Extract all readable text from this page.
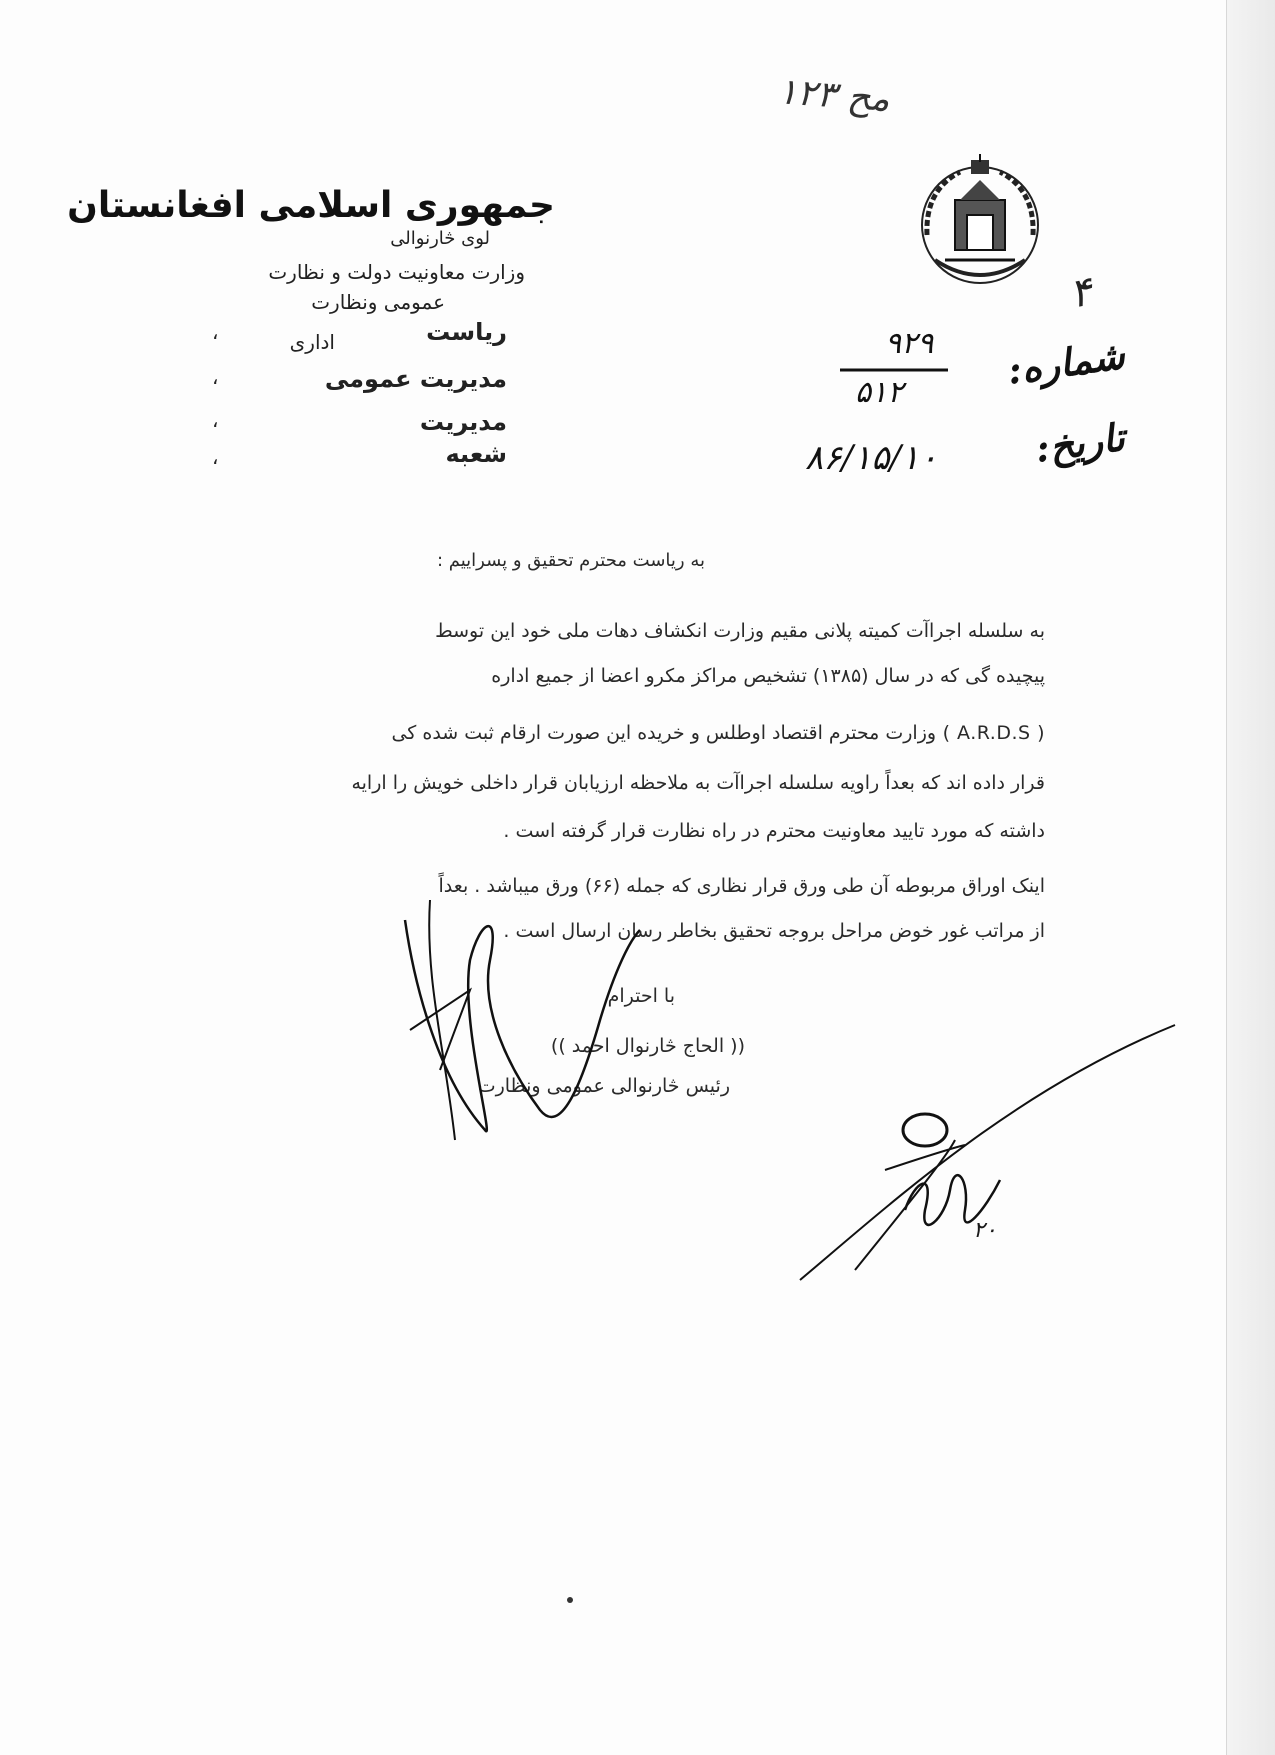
مح ۱۲۳
۴
جمهوری اسلامی افغانستان
لوی څارنوالی
وزارت معاونیت دولت و نظارت
عمومی ونظارت
ریاست
اداری
مدیریت عمومی
مدیریت
شعبه
،
،
،
،
شماره:
۹۲۹
۵۱۲
تاریخ:
۸۶/۱۵/۱۰
به ریاست محترم تحقیق و پسراییم :
به سلسله اجراآت کمیته پلانی مقیم وزارت انکشاف دهات ملی خود این توسط
پیچیده گی که در سال (۱۳۸۵) تشخیص مراکز مکرو اعضا از جمیع اداره
( A.R.D.S ) وزارت محترم اقتصاد اوطلس و خریده این صورت ارقام ثبت شده کی
قرار داده اند که بعداً راویه سلسله اجراآت به ملاحظه ارزیابان قرار داخلی خویش را ارایه
داشته که مورد تایید معاونیت محترم در راه نظارت قرار گرفته است .
اینک اوراق مربوطه آن طی ورق قرار نظاری که جمله (۶۶) ورق میباشد . بعداً
از مراتب غور خوض مراحل بروجه تحقیق بخاطر رسان ارسال است .
با احترام
(( الحاج څارنوال احمد ))
رئیس څارنوالی عمومی ونظارت
۲۰
